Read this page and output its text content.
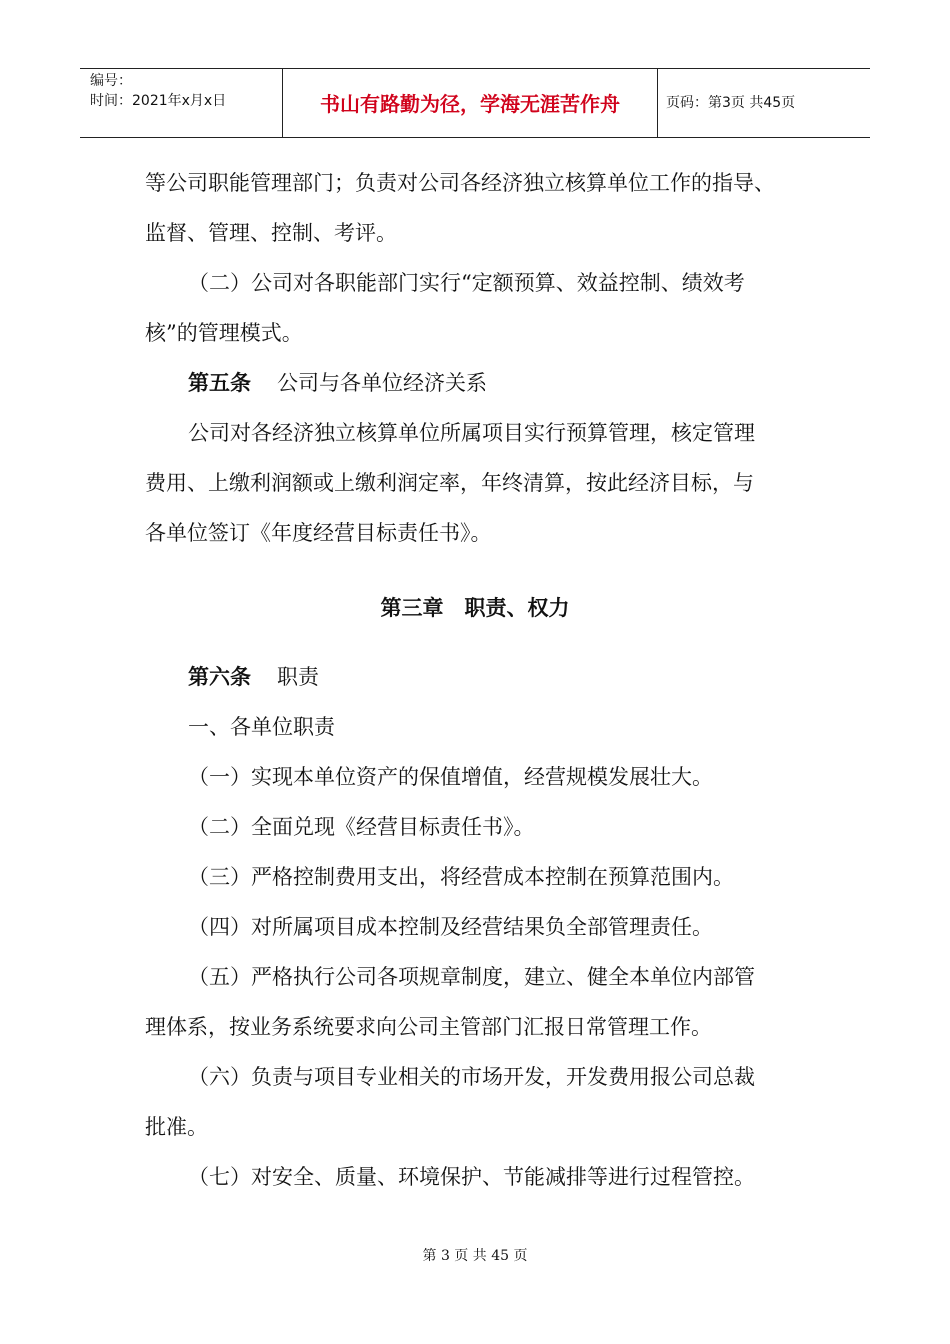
编号：
时间：2021年x月x日	书山有路勤为径，学海无涯苦作舟	页码：第3页 共45页
等公司职能管理部门；负责对公司各经济独立核算单位工作的指导、
监督、管理、控制、考评。
（二）公司对各职能部门实行“定额预算、效益控制、绩效考
核”的管理模式。
第五条 公司与各单位经济关系
公司对各经济独立核算单位所属项目实行预算管理，核定管理
费用、上缴利润额或上缴利润定率，年终清算，按此经济目标，与
各单位签订《年度经营目标责任书》。
第三章　职责、权力
第六条 职责
一、各单位职责
（一）实现本单位资产的保值增值，经营规模发展壮大。
（二）全面兑现《经营目标责任书》。
（三）严格控制费用支出，将经营成本控制在预算范围内。
（四）对所属项目成本控制及经营结果负全部管理责任。
（五）严格执行公司各项规章制度，建立、健全本单位内部管
理体系，按业务系统要求向公司主管部门汇报日常管理工作。
（六）负责与项目专业相关的市场开发，开发费用报公司总裁
批准。
（七）对安全、质量、环境保护、节能减排等进行过程管控。
第 3 页 共 45 页
